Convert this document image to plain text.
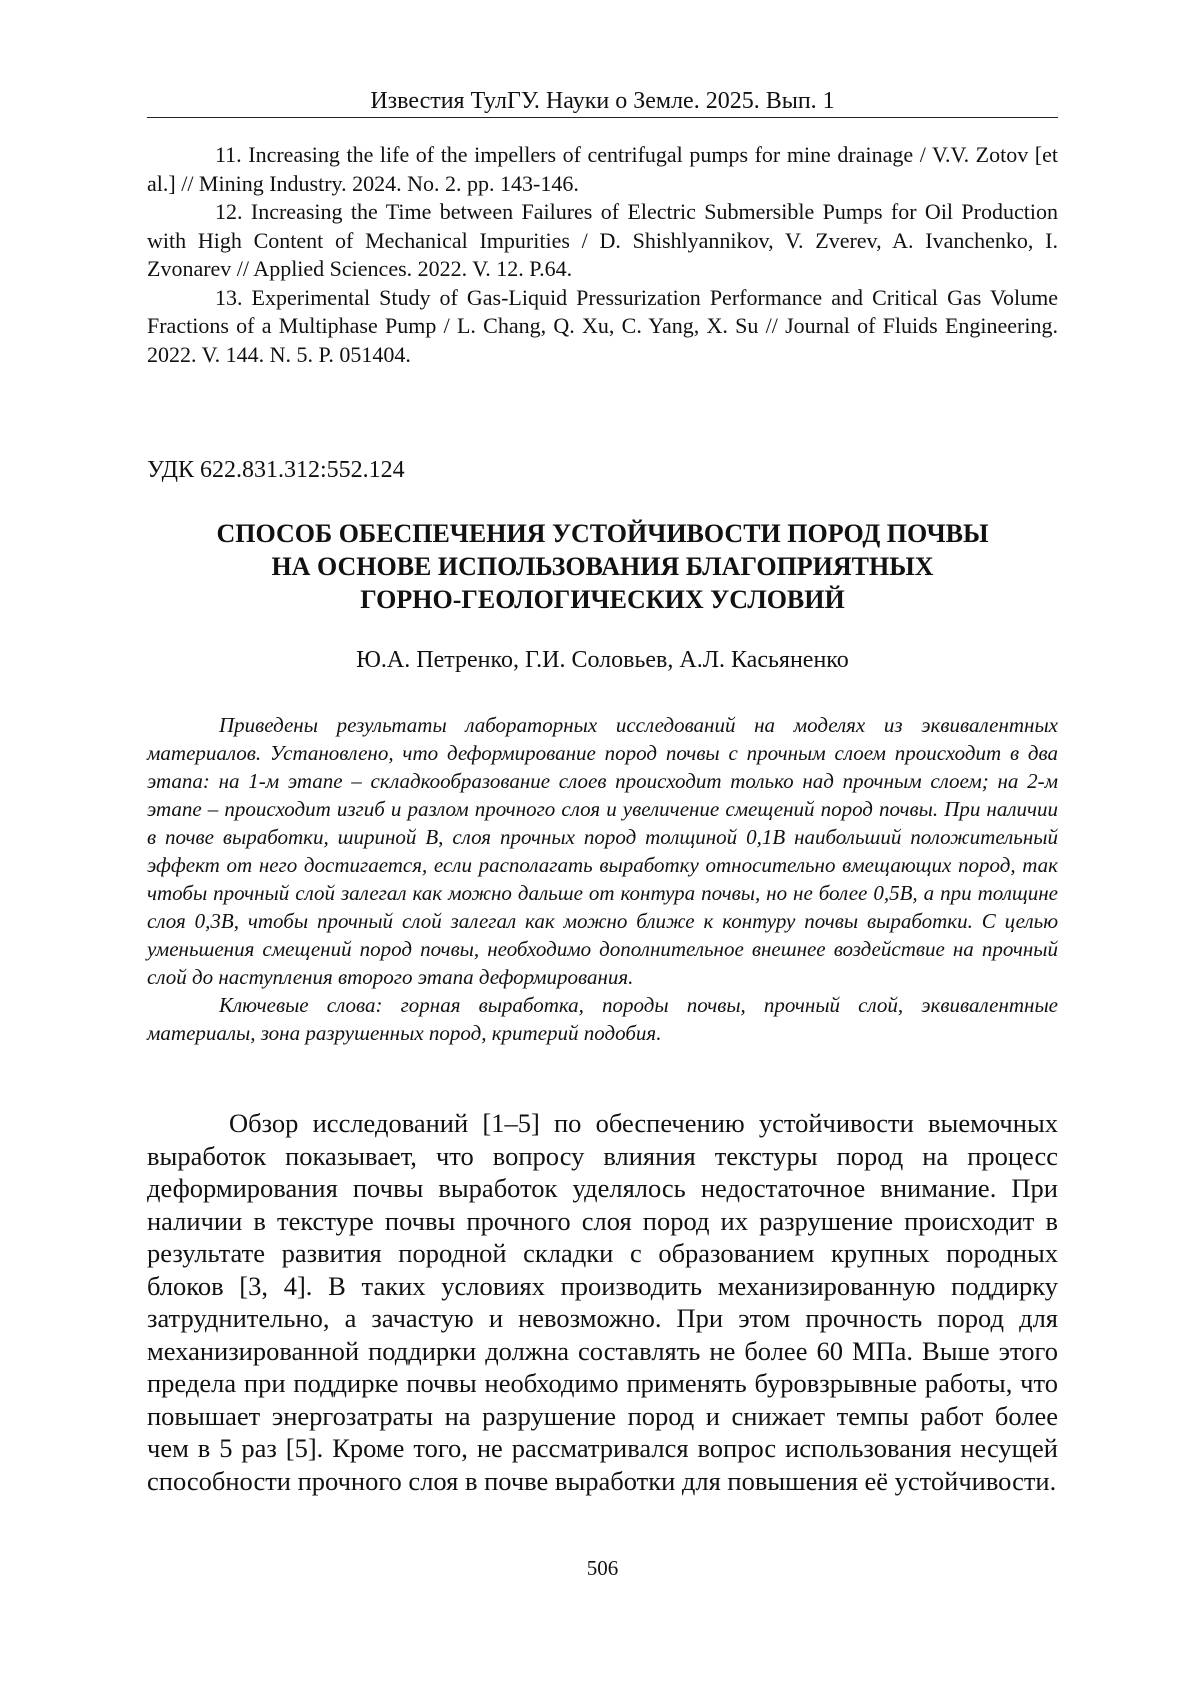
Известия ТулГУ. Науки о Земле. 2025. Вып. 1

11. Increasing the life of the impellers of centrifugal pumps for mine drainage / V.V. Zotov [et al.] // Mining Industry. 2024. No. 2. pp. 143-146.

12. Increasing the Time between Failures of Electric Submersible Pumps for Oil Production with High Content of Mechanical Impurities / D. Shishlyannikov, V. Zverev, A. Ivanchenko, I. Zvonarev // Applied Sciences. 2022. V. 12. P.64.

13. Experimental Study of Gas-Liquid Pressurization Performance and Critical Gas Volume Fractions of a Multiphase Pump / L. Chang, Q. Xu, C. Yang, X. Su // Journal of Fluids Engineering. 2022. V. 144. N. 5. P. 051404.

УДК 622.831.312:552.124
СПОСОБ ОБЕСПЕЧЕНИЯ УСТОЙЧИВОСТИ ПОРОД ПОЧВЫ
НА ОСНОВЕ ИСПОЛЬЗОВАНИЯ БЛАГОПРИЯТНЫХ
ГОРНО-ГЕОЛОГИЧЕСКИХ УСЛОВИЙ
Ю.А. Петренко, Г.И. Соловьев, А.Л. Касьяненко

Приведены результаты лабораторных исследований на моделях из эквивалентных материалов. Установлено, что деформирование пород почвы с прочным слоем происходит в два этапа: на 1-м этапе – складкообразование слоев происходит только над прочным слоем; на 2-м этапе – происходит изгиб и разлом прочного слоя и увеличение смещений пород почвы. При наличии в почве выработки, шириной B, слоя прочных пород толщиной 0,1B наибольший положительный эффект от него достигается, если располагать выработку относительно вмещающих пород, так чтобы прочный слой залегал как можно дальше от контура почвы, но не более 0,5B, а при толщине слоя 0,3B, чтобы прочный слой залегал как можно ближе к контуру почвы выработки. С целью уменьшения смещений пород почвы, необходимо дополнительное внешнее воздействие на прочный слой до наступления второго этапа деформирования.

Ключевые слова: горная выработка, породы почвы, прочный слой, эквивалентные материалы, зона разрушенных пород, критерий подобия.

Обзор исследований [1–5] по обеспечению устойчивости выемочных выработок показывает, что вопросу влияния текстуры пород на процесс деформирования почвы выработок уделялось недостаточное внимание. При наличии в текстуре почвы прочного слоя пород их разрушение происходит в результате развития породной складки с образованием крупных породных блоков [3, 4]. В таких условиях производить механизированную поддирку затруднительно, а зачастую и невозможно. При этом прочность пород для механизированной поддирки должна составлять не более 60 МПа. Выше этого предела при поддирке почвы необходимо применять буровзрывные работы, что повышает энергозатраты на разрушение пород и снижает темпы работ более чем в 5 раз [5]. Кроме того, не рассматривался вопрос использования несущей способности прочного слоя в почве выработки для повышения её устойчивости.

506
